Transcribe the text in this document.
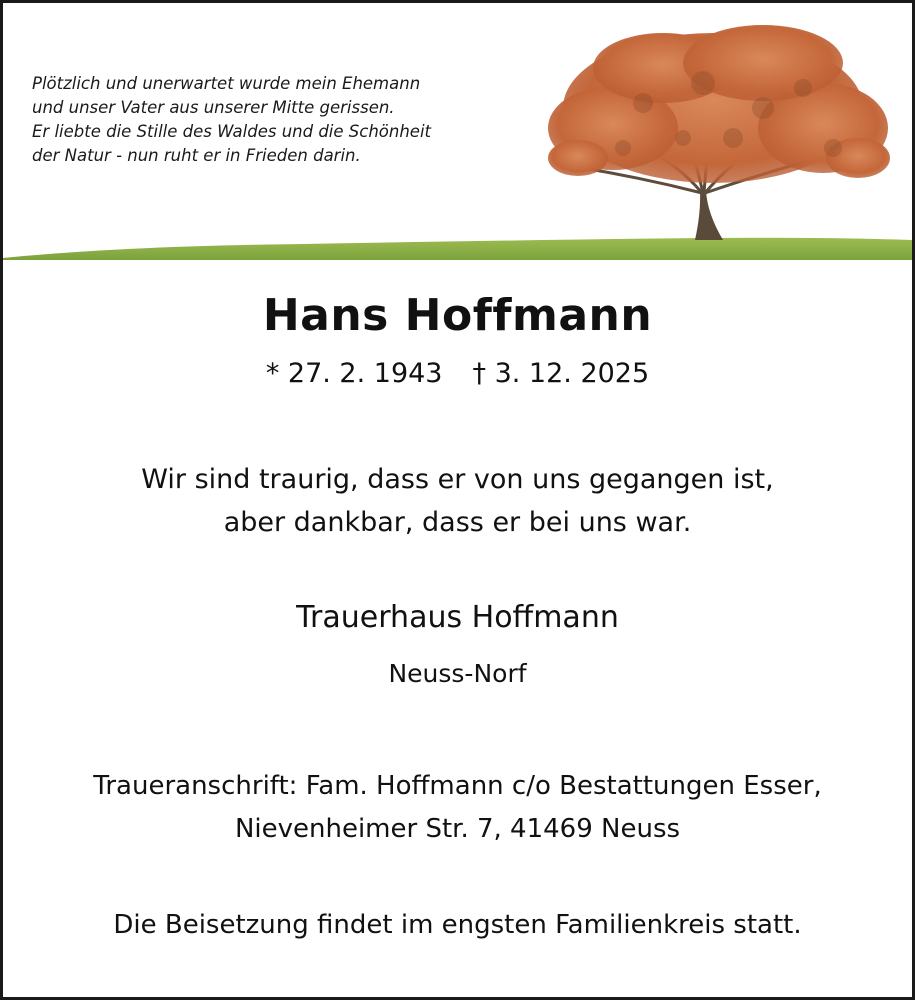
Plötzlich und unerwartet wurde mein Ehemann
und unser Vater aus unserer Mitte gerissen.
Er liebte die Stille des Waldes und die Schönheit
der Natur - nun ruht er in Frieden darin.
Hans Hoffmann
* 27. 2. 1943 † 3. 12. 2025
Wir sind traurig, dass er von uns gegangen ist,
aber dankbar, dass er bei uns war.
Trauerhaus Hoffmann
Neuss-Norf
Traueranschrift: Fam. Hoffmann c/o Bestattungen Esser,
Nievenheimer Str. 7, 41469 Neuss
Die Beisetzung findet im engsten Familienkreis statt.
